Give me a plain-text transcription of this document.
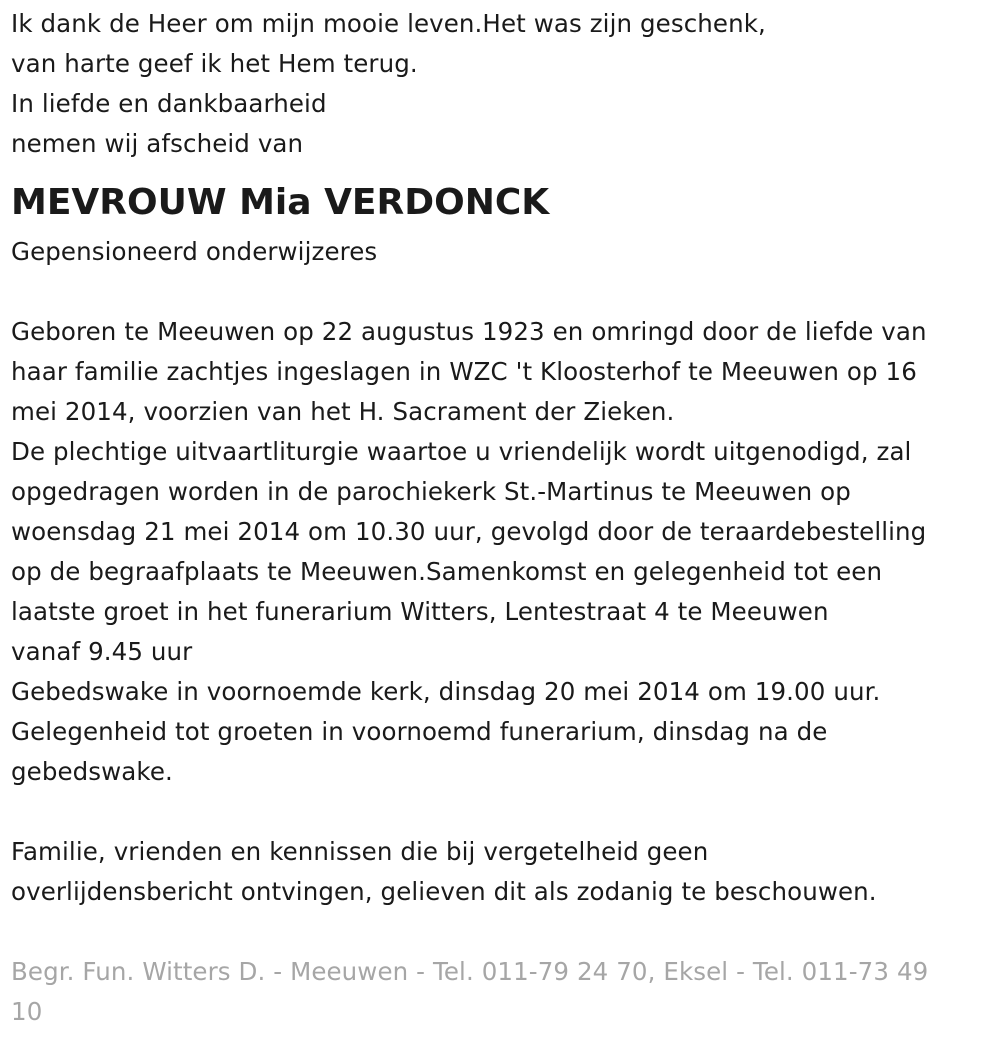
Ik dank de Heer om mijn mooie leven.Het was zijn geschenk,
van harte geef ik het Hem terug.
In liefde en dankbaarheid
nemen wij afscheid van
MEVROUW Mia VERDONCK
Gepensioneerd onderwijzeres
Geboren te Meeuwen op 22 augustus 1923 en omringd door de liefde van
haar familie zachtjes ingeslagen in WZC 't Kloosterhof te Meeuwen op 16
mei 2014, voorzien van het H. Sacrament der Zieken.
De plechtige uitvaartliturgie waartoe u vriendelijk wordt uitgenodigd, zal
opgedragen worden in de parochiekerk St.-Martinus te Meeuwen op
woensdag 21 mei 2014 om 10.30 uur, gevolgd door de teraardebestelling
op de begraafplaats te Meeuwen.Samenkomst en gelegenheid tot een
laatste groet in het funerarium Witters, Lentestraat 4 te Meeuwen
vanaf 9.45 uur
Gebedswake in voornoemde kerk, dinsdag 20 mei 2014 om 19.00 uur.
Gelegenheid tot groeten in voornoemd funerarium, dinsdag na de
gebedswake.
Familie, vrienden en kennissen die bij vergetelheid geen
overlijdensbericht ontvingen, gelieven dit als zodanig te beschouwen.
Begr. Fun. Witters D. - Meeuwen - Tel. 011-79 24 70, Eksel - Tel. 011-73 49
10
